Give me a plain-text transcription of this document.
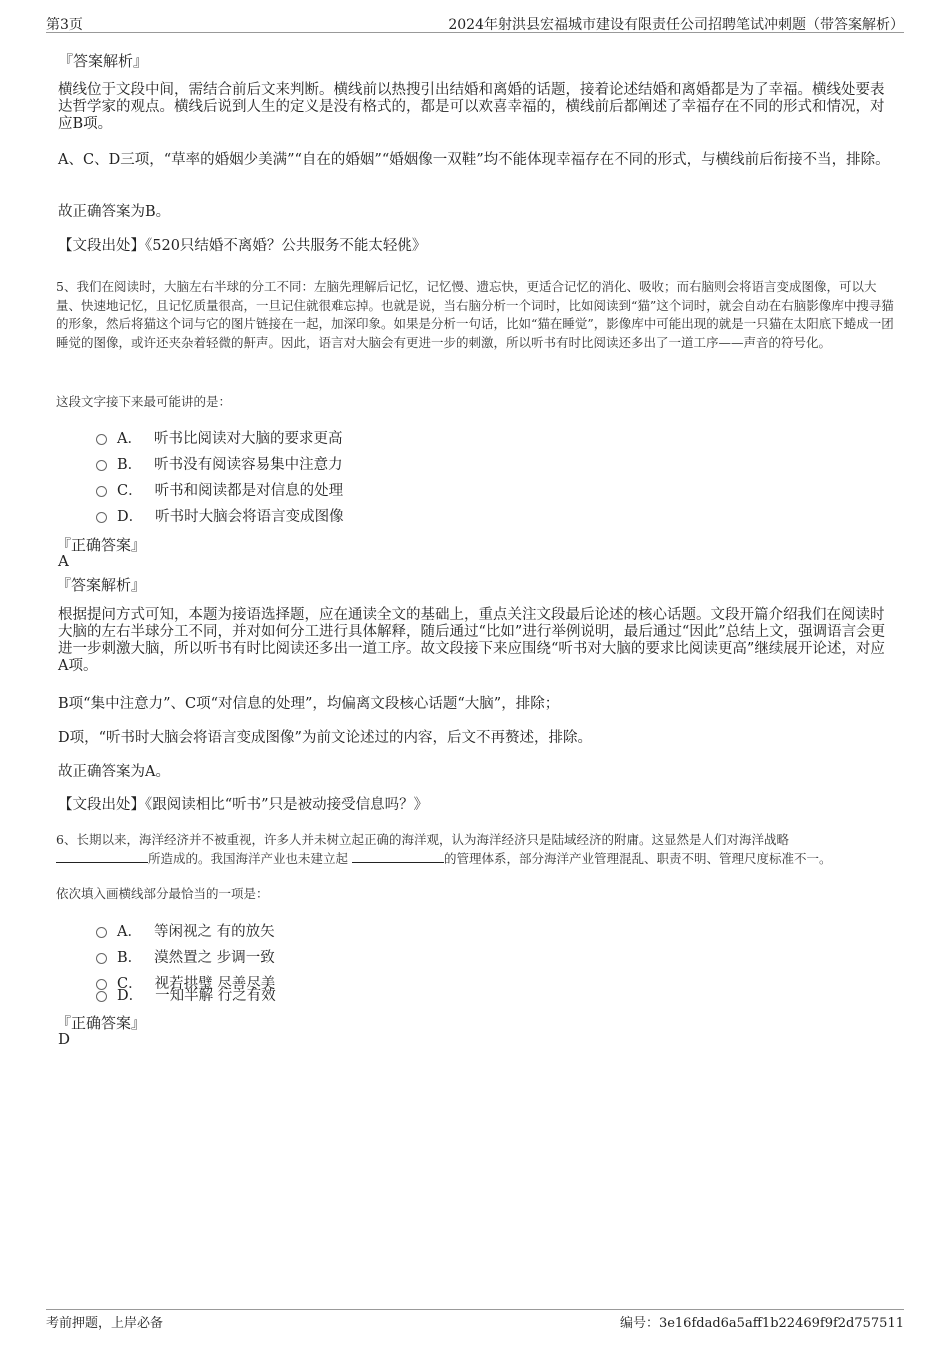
第3页	2024年射洪县宏福城市建设有限责任公司招聘笔试冲刺题（带答案解析）
『答案解析』
横线位于文段中间，需结合前后文来判断。横线前以热搜引出结婚和离婚的话题，接着论述结婚和离婚都是为了幸福。横线处要表达哲学家的观点。横线后说到人生的定义是没有格式的，都是可以欢喜幸福的，横线前后都阐述了幸福存在不同的形式和情况，对应B项。
A、C、D三项，“草率的婚姻少美满”“自在的婚姻”“婚姻像一双鞋”均不能体现幸福存在不同的形式，与横线前后衔接不当，排除。
故正确答案为B。
【文段出处】《520只结婚不离婚？公共服务不能太轻佻》
5、我们在阅读时，大脑左右半球的分工不同：左脑先理解后记忆，记忆慢、遗忘快，更适合记忆的消化、吸收；而右脑则会将语言变成图像，可以大量、快速地记忆，且记忆质量很高，一旦记住就很难忘掉。也就是说，当右脑分析一个词时，比如阅读到“猫”这个词时，就会自动在右脑影像库中搜寻猫的形象，然后将猫这个词与它的图片链接在一起，加深印象。如果是分析一句话，比如“猫在睡觉”，影像库中可能出现的就是一只猫在太阳底下蜷成一团睡觉的图像，或许还夹杂着轻微的鼾声。因此，语言对大脑会有更进一步的刺激，所以听书有时比阅读还多出了一道工序——声音的符号化。
这段文字接下来最可能讲的是：
A． 听书比阅读对大脑的要求更高
B． 听书没有阅读容易集中注意力
C． 听书和阅读都是对信息的处理
D． 听书时大脑会将语言变成图像
『正确答案』
A
『答案解析』
根据提问方式可知，本题为接语选择题，应在通读全文的基础上，重点关注文段最后论述的核心话题。文段开篇介绍我们在阅读时大脑的左右半球分工不同，并对如何分工进行具体解释，随后通过“比如”进行举例说明，最后通过“因此”总结上文，强调语言会更进一步刺激大脑，所以听书有时比阅读还多出一道工序。故文段接下来应围绕“听书对大脑的要求比阅读更高”继续展开论述，对应A项。
B项“集中注意力”、C项“对信息的处理”，均偏离文段核心话题“大脑”，排除；
D项，“听书时大脑会将语言变成图像”为前文论述过的内容，后文不再赘述，排除。
故正确答案为A。
【文段出处】《跟阅读相比“听书”只是被动接受信息吗？》
6、长期以来，海洋经济并不被重视，许多人并未树立起正确的海洋观，认为海洋经济只是陆域经济的附庸。这显然是人们对海洋战略
所造成的。我国海洋产业也未建立起	的管理体系，部分海洋产业管理混乱、职责不明、管理尺度标准不一。
依次填入画横线部分最恰当的一项是：
A． 等闲视之 有的放矢
B． 漠然置之 步调一致
C． 视若拱璧 尽善尽美
D． 一知半解 行之有效
『正确答案』
D
考前押题，上岸必备	编号：3e16fdad6a5aff1b22469f9f2d757511
